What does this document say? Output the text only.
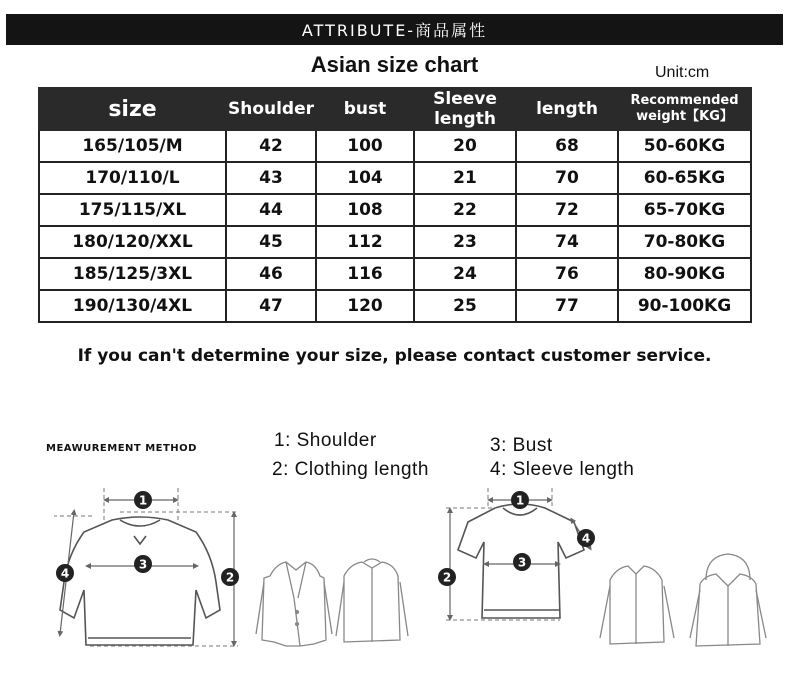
ATTRIBUTE-商品属性
Asian size chart	Unit:cm
size	Shoulder	bust	Sleeve length	length	Recommended weight【KG】
165/105/M	42	100	20	68	50-60KG
170/110/L	43	104	21	70	60-65KG
175/115/XL	44	108	22	72	65-70KG
180/120/XXL	45	112	23	74	70-80KG
185/125/3XL	46	116	24	76	80-90KG
190/130/4XL	47	120	25	77	90-100KG
If you can't determine your size, please contact customer service.
MEAWUREMENT METHOD	1: Shoulder
2: Clothing length
3: Bust
4: Sleeve length
1
3
2
4
1
3
2
4
